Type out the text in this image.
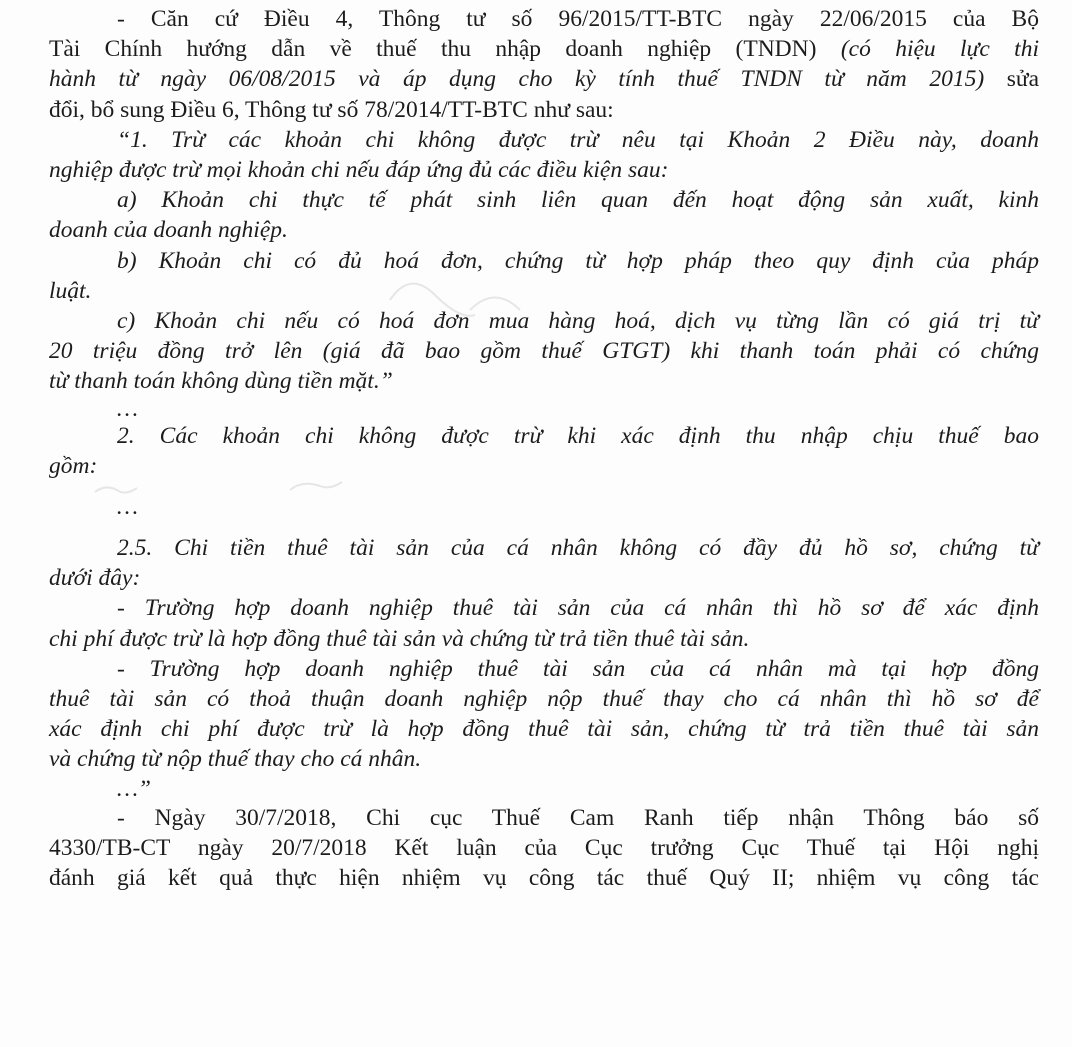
- Căn cứ Điều 4, Thông tư số 96/2015/TT-BTC ngày 22/06/2015 của Bộ
Tài Chính hướng dẫn về thuế thu nhập doanh nghiệp (TNDN) (có hiệu lực thi
hành từ ngày 06/08/2015 và áp dụng cho kỳ tính thuế TNDN từ năm 2015) sửa
đổi, bổ sung Điều 6, Thông tư số 78/2014/TT-BTC như sau:
“1. Trừ các khoản chi không được trừ nêu tại Khoản 2 Điều này, doanh
nghiệp được trừ mọi khoản chi nếu đáp ứng đủ các điều kiện sau:
a) Khoản chi thực tế phát sinh liên quan đến hoạt động sản xuất, kinh
doanh của doanh nghiệp.
b) Khoản chi có đủ hoá đơn, chứng từ hợp pháp theo quy định của pháp
luật.
c) Khoản chi nếu có hoá đơn mua hàng hoá, dịch vụ từng lần có giá trị từ
20 triệu đồng trở lên (giá đã bao gồm thuế GTGT) khi thanh toán phải có chứng
từ thanh toán không dùng tiền mặt.”
…
2. Các khoản chi không được trừ khi xác định thu nhập chịu thuế bao
gồm:
…
2.5. Chi tiền thuê tài sản của cá nhân không có đầy đủ hồ sơ, chứng từ
dưới đây:
- Trường hợp doanh nghiệp thuê tài sản của cá nhân thì hồ sơ để xác định
chi phí được trừ là hợp đồng thuê tài sản và chứng từ trả tiền thuê tài sản.
- Trường hợp doanh nghiệp thuê tài sản của cá nhân mà tại hợp đồng
thuê tài sản có thoả thuận doanh nghiệp nộp thuế thay cho cá nhân thì hồ sơ để
xác định chi phí được trừ là hợp đồng thuê tài sản, chứng từ trả tiền thuê tài sản
và chứng từ nộp thuế thay cho cá nhân.
…”
- Ngày 30/7/2018, Chi cục Thuế Cam Ranh tiếp nhận Thông báo số
4330/TB-CT ngày 20/7/2018 Kết luận của Cục trưởng Cục Thuế tại Hội nghị
đánh giá kết quả thực hiện nhiệm vụ công tác thuế Quý II; nhiệm vụ công tác
